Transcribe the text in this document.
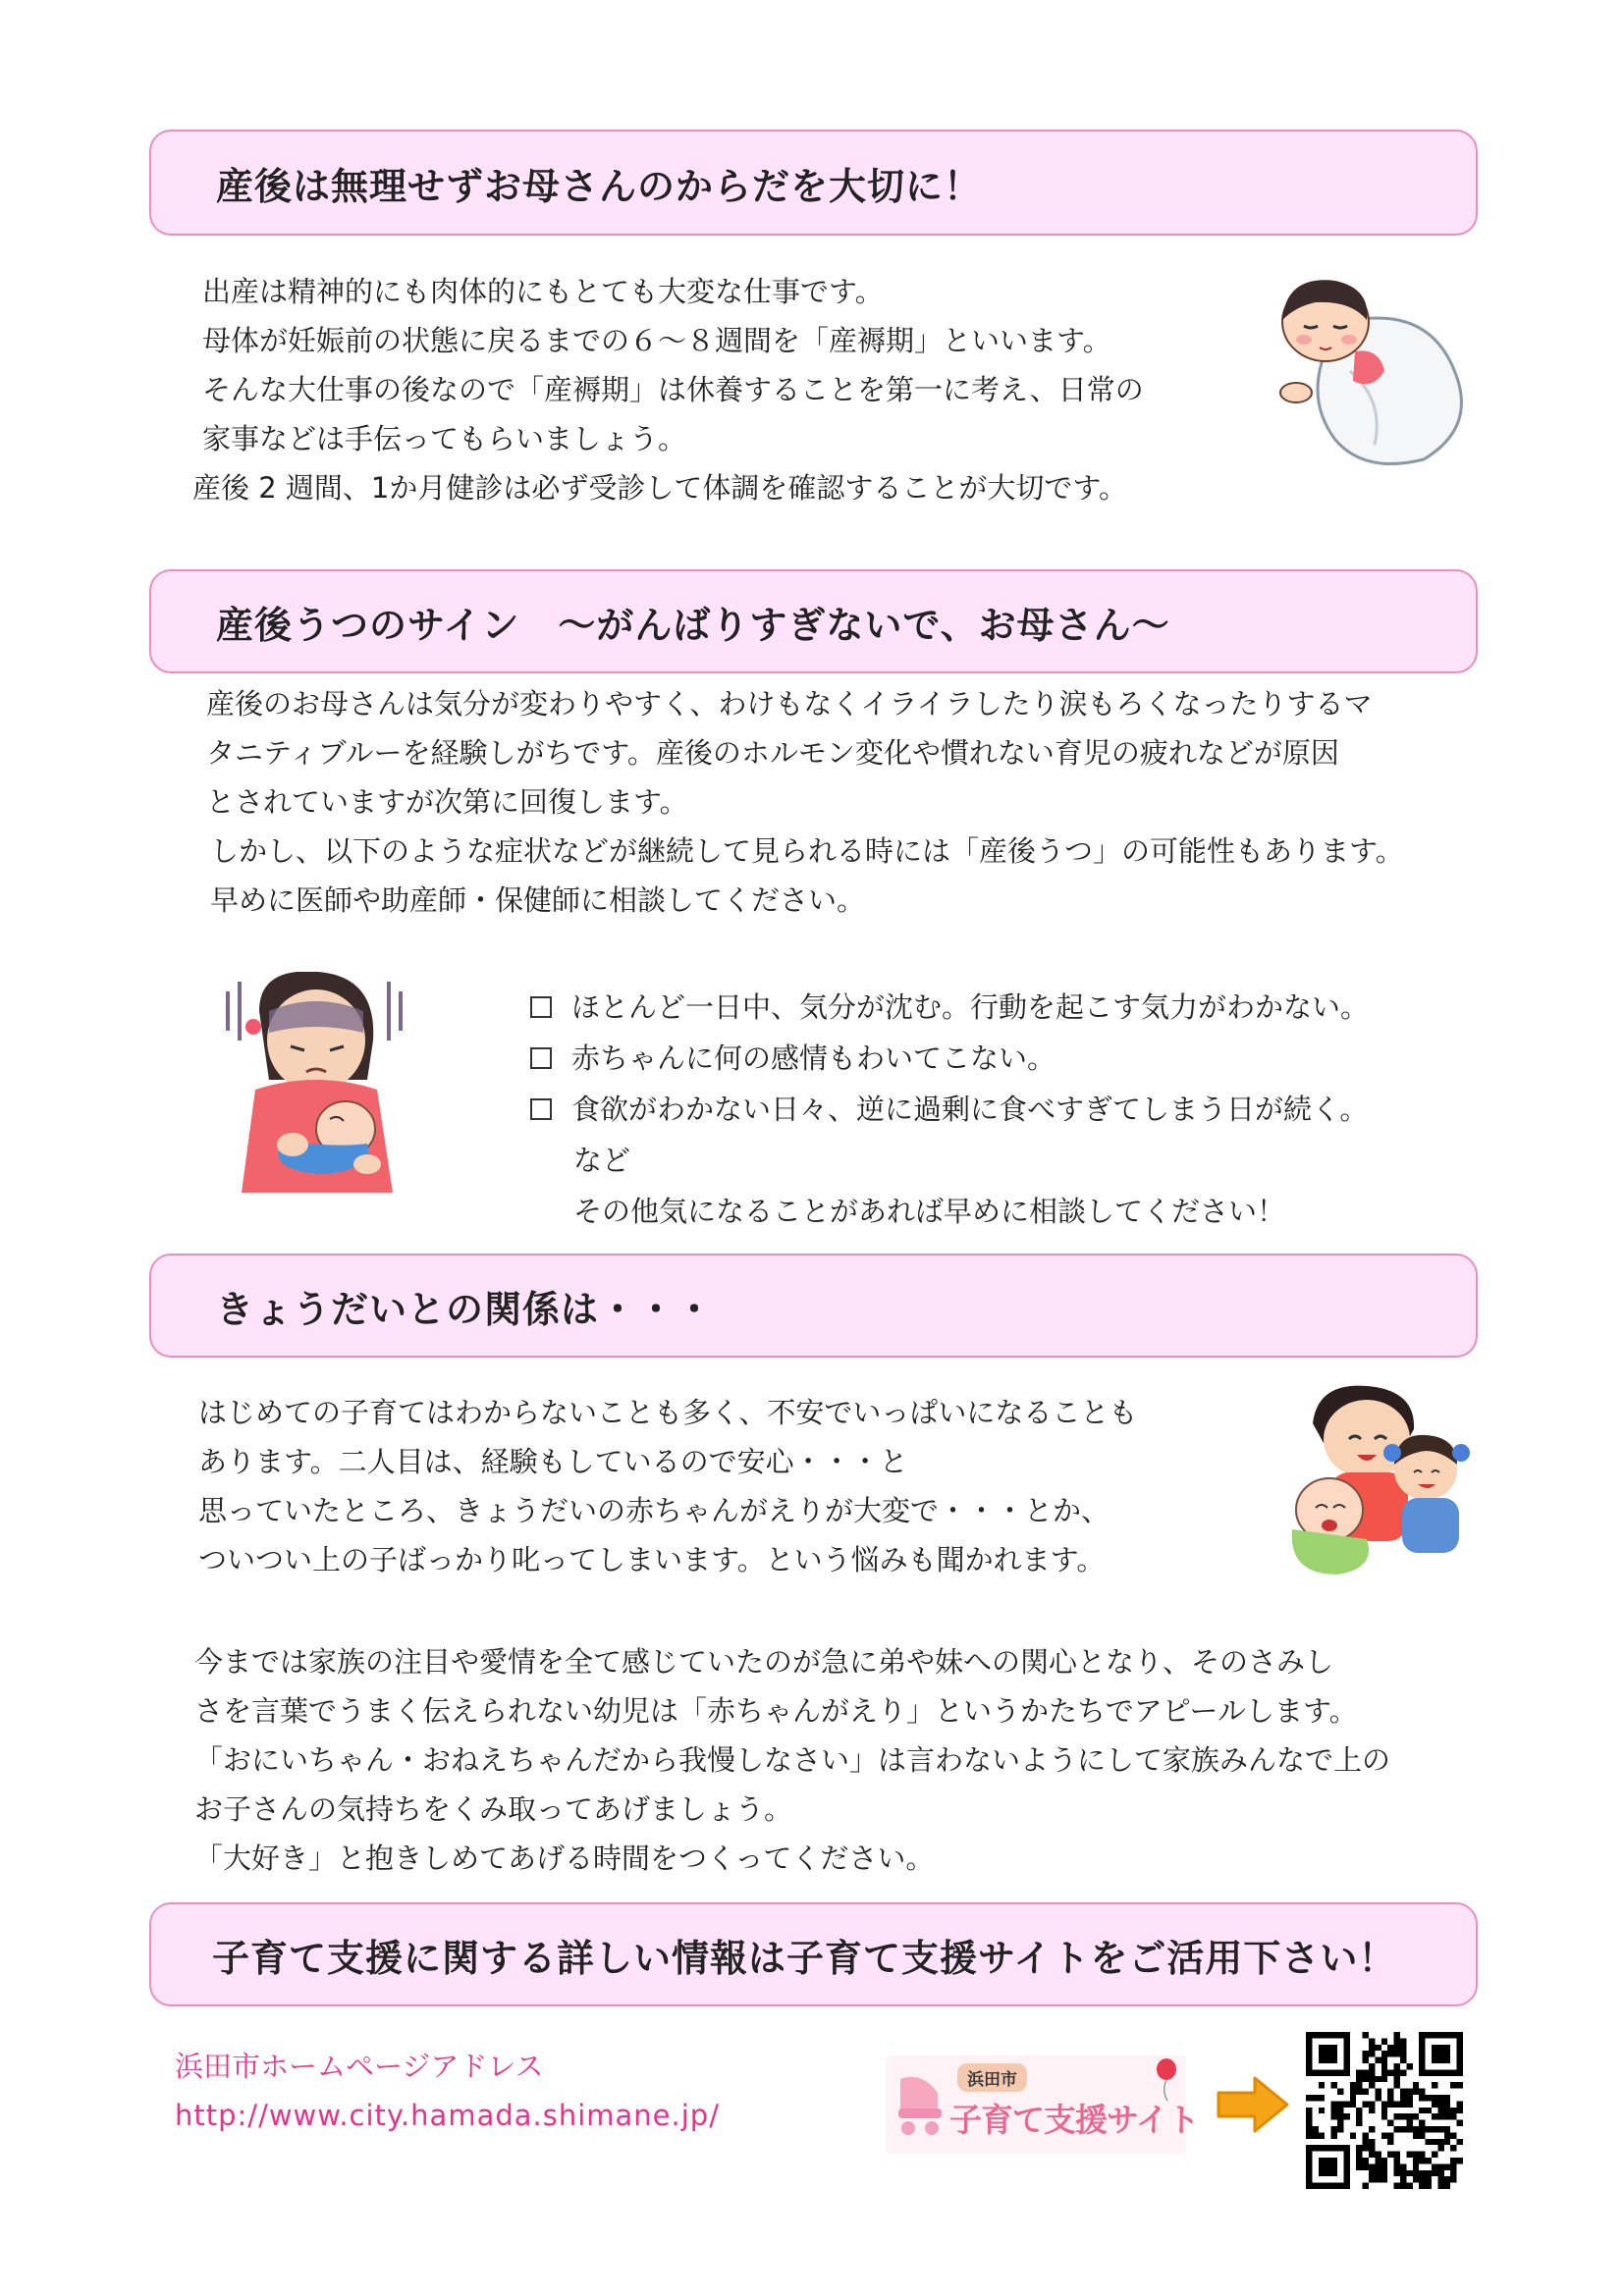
産後は無理せずお母さんのからだを大切に！
出産は精神的にも肉体的にもとても大変な仕事です。
母体が妊娠前の状態に戻るまでの６～８週間を「産褥期」といいます。
そんな大仕事の後なので「産褥期」は休養することを第一に考え、日常の
家事などは手伝ってもらいましょう。
産後 2 週間、1か月健診は必ず受診して体調を確認することが大切です。
産後うつのサイン　～がんばりすぎないで、お母さん～
産後のお母さんは気分が変わりやすく、わけもなくイライラしたり涙もろくなったりするマ
タニティブルーを経験しがちです。産後のホルモン変化や慣れない育児の疲れなどが原因
とされていますが次第に回復します。
しかし、以下のような症状などが継続して見られる時には「産後うつ」の可能性もあります。
早めに医師や助産師・保健師に相談してください。
ほとんど一日中、気分が沈む。行動を起こす気力がわかない。
赤ちゃんに何の感情もわいてこない。
食欲がわかない日々、逆に過剰に食べすぎてしまう日が続く。
など
その他気になることがあれば早めに相談してください！
きょうだいとの関係は・・・
はじめての子育てはわからないことも多く、不安でいっぱいになることも
あります。二人目は、経験もしているので安心・・・と
思っていたところ、きょうだいの赤ちゃんがえりが大変で・・・とか、
ついつい上の子ばっかり叱ってしまいます。という悩みも聞かれます。
今までは家族の注目や愛情を全て感じていたのが急に弟や妹への関心となり、そのさみし
さを言葉でうまく伝えられない幼児は「赤ちゃんがえり」というかたちでアピールします。
「おにいちゃん・おねえちゃんだから我慢しなさい」は言わないようにして家族みんなで上の
お子さんの気持ちをくみ取ってあげましょう。
「大好き」と抱きしめてあげる時間をつくってください。
子育て支援に関する詳しい情報は子育て支援サイトをご活用下さい！
浜田市ホームページアドレス
http://www.city.hamada.shimane.jp/
浜田市
子育て支援サイト
